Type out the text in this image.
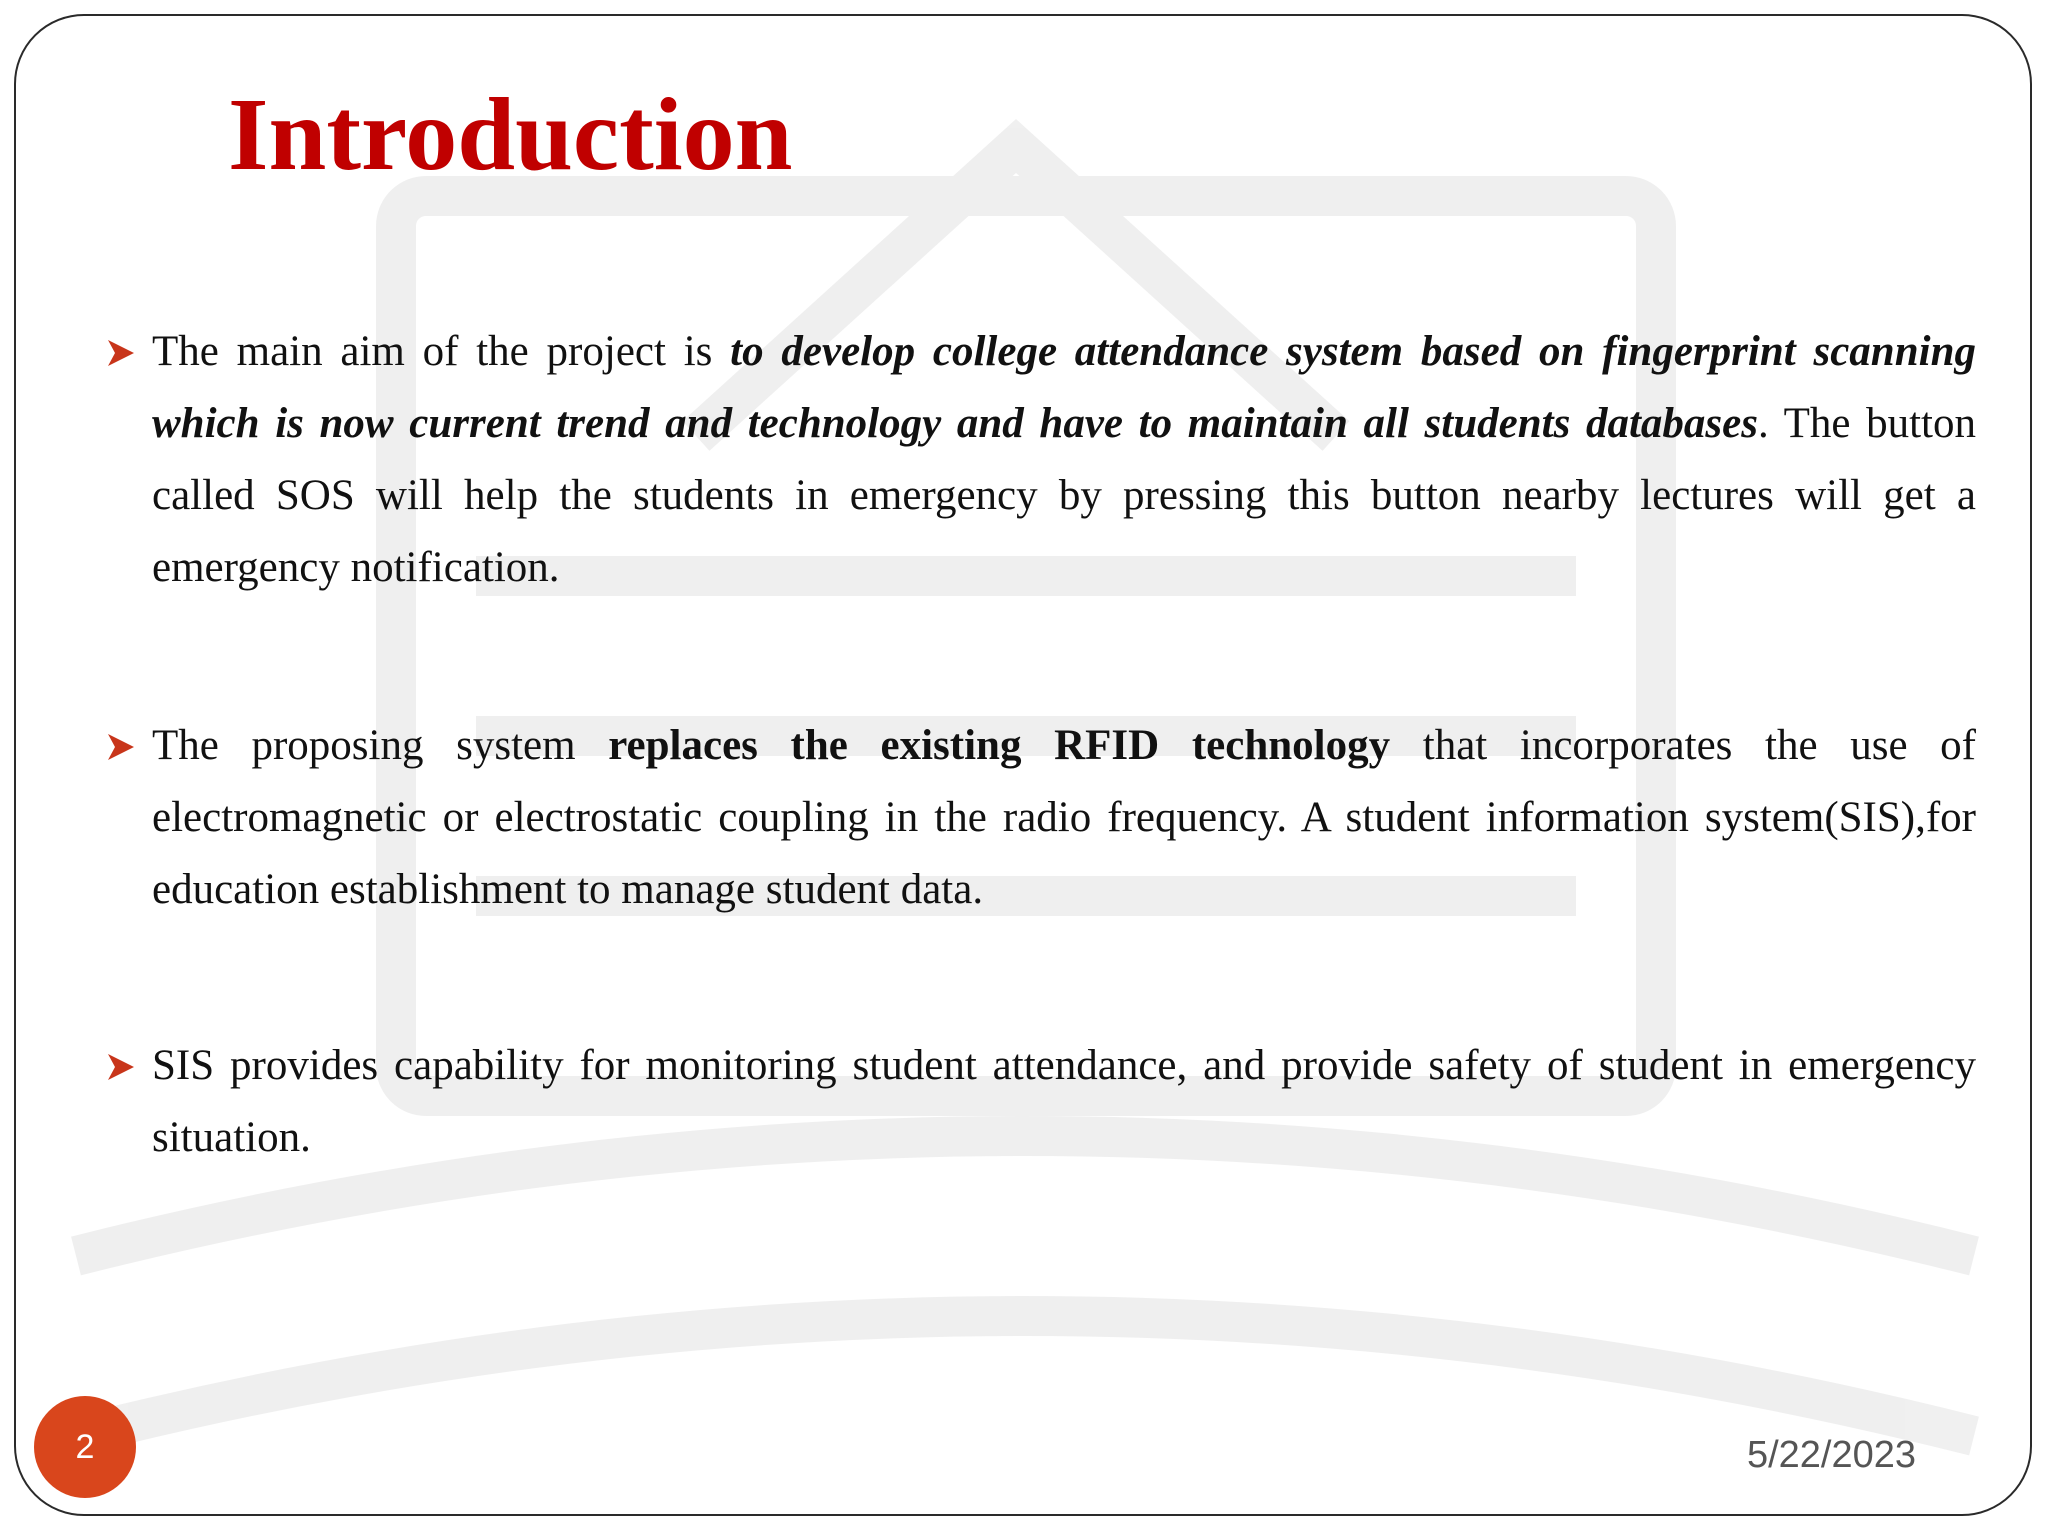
Introduction
The main aim of the project is to develop college attendance system based on fingerprint scanning which is now current trend and technology and have to maintain all students databases. The button called SOS will help the students in emergency by pressing this button nearby lectures will get a emergency notification.
The proposing system replaces the existing RFID technology that incorporates the use of electromagnetic or electrostatic coupling in the radio frequency. A student information system(SIS),for education establishment to manage student data.
SIS provides capability for monitoring student attendance, and provide safety of student in emergency situation.
2	5/22/2023
